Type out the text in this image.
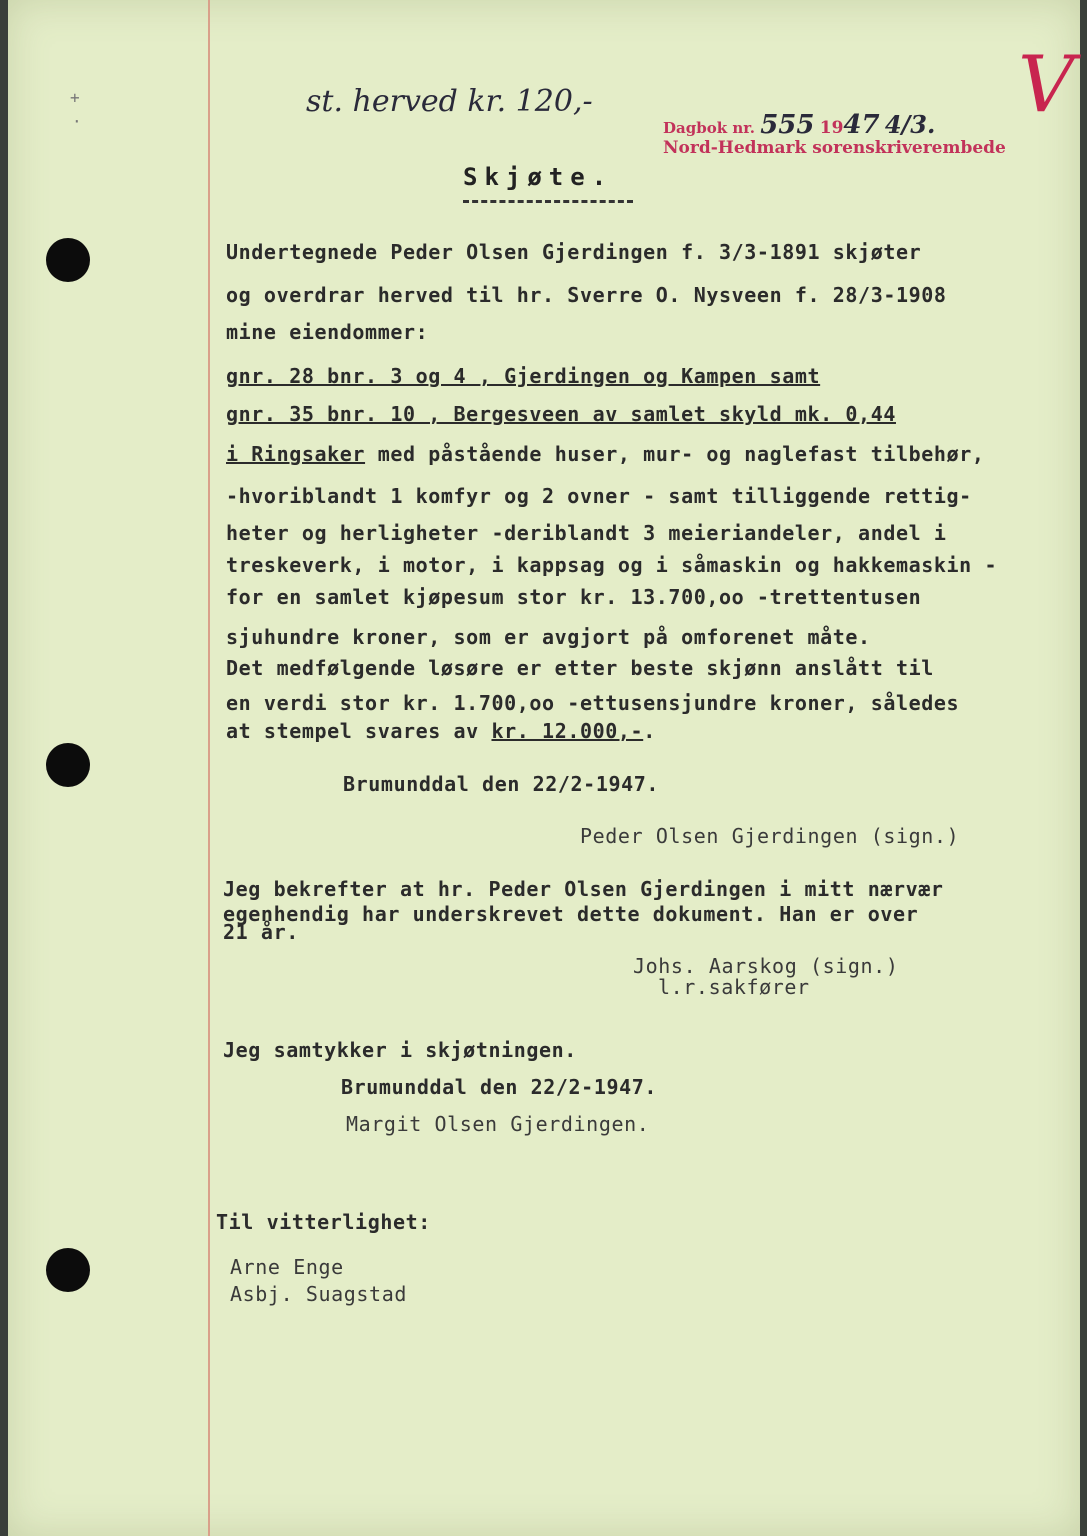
+
·
st. herved kr. 120,-
Dagbok nr. 555 1947 4/3.
Nord-Hedmark sorenskriverembede
V
Skjøte.
Undertegnede Peder Olsen Gjerdingen f. 3/3-1891 skjøter
og overdrar herved til hr. Sverre O. Nysveen f. 28/3-1908
mine eiendommer:
gnr. 28 bnr. 3 og 4 , Gjerdingen og Kampen samt
gnr. 35 bnr. 10 , Bergesveen av samlet skyld mk. 0,44
i Ringsaker med påstående huser, mur- og naglefast tilbehør,
-hvoriblandt 1 komfyr og 2 ovner - samt tilliggende rettig-
heter og herligheter -deriblandt 3 meieriandeler, andel i
treskeverk, i motor, i kappsag og i såmaskin og hakkemaskin -
for en samlet kjøpesum stor kr. 13.700,oo -trettentusen
sjuhundre kroner, som er avgjort på omforenet måte.
Det medfølgende løsøre er etter beste skjønn anslått til
en verdi stor kr. 1.700,oo -ettusensjundre kroner, således
at stempel svares av kr. 12.000,-.
Brumunddal den 22/2-1947.
Peder Olsen Gjerdingen (sign.)
Jeg bekrefter at hr. Peder Olsen Gjerdingen i mitt nærvær
egenhendig har underskrevet dette dokument. Han er over
21 år.
Johs. Aarskog (sign.)
l.r.sakfører
Jeg samtykker i skjøtningen.
Brumunddal den 22/2-1947.
Margit Olsen Gjerdingen.
Til vitterlighet:
Arne Enge
Asbj. Suagstad
